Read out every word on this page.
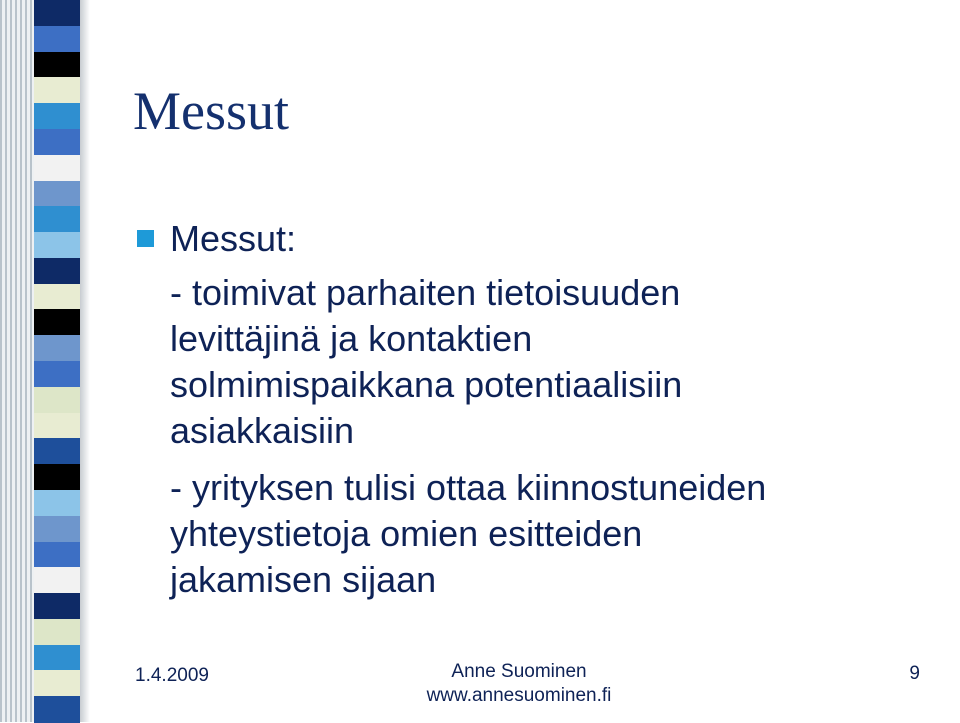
Messut
Messut:
- toimivat parhaiten tietoisuuden
levittäjinä ja kontaktien
solmimispaikkana potentiaalisiin
asiakkaisiin
- yrityksen tulisi ottaa kiinnostuneiden
yhteystietoja omien esitteiden
jakamisen sijaan
1.4.2009	Anne Suominen
www.annesuominen.fi
9
